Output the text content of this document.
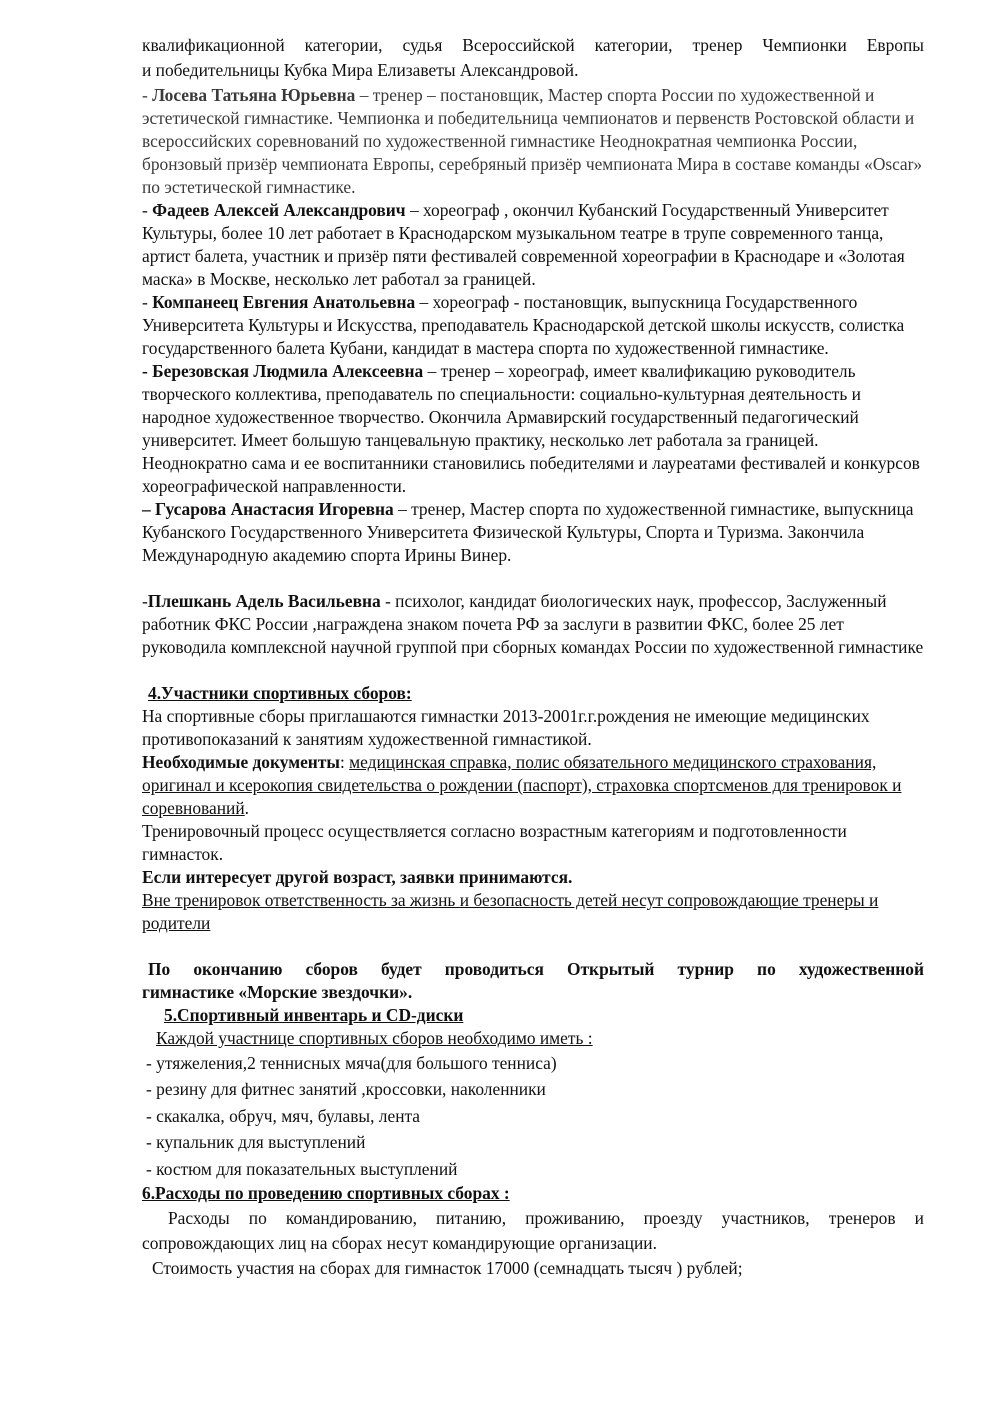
квалификационной категории, судья Всероссийской категории, тренер Чемпионки Европы

и победительницы Кубка Мира Елизаветы Александровой.

- Лосева Татьяна Юрьевна – тренер – постановщик, Мастер спорта России по художественной и эстетической гимнастике. Чемпионка и победительница чемпионатов и первенств Ростовской области и всероссийских соревнований по художественной гимнастике Неоднократная чемпионка России, бронзовый призёр чемпионата Европы, серебряный призёр чемпионата Мира в составе команды «Oscar» по эстетической гимнастике.

- Фадеев Алексей Александрович – хореограф , окончил Кубанский Государственный Университет Культуры, более 10 лет работает в Краснодарском музыкальном театре в трупе современного танца, артист балета, участник и призёр пяти фестивалей современной хореографии в Краснодаре и «Золотая маска» в Москве, несколько лет работал за границей.

- Компанеец Евгения Анатольевна – хореограф - постановщик, выпускница Государственного Университета Культуры и Искусства, преподаватель Краснодарской детской школы искусств, солистка государственного балета Кубани, кандидат в мастера спорта по художественной гимнастике.

- Березовская Людмила Алексеевна – тренер – хореограф, имеет квалификацию руководитель творческого коллектива, преподаватель по специальности: социально-культурная деятельность и народное художественное творчество. Окончила Армавирский государственный педагогический университет. Имеет большую танцевальную практику, несколько лет работала за границей. Неоднократно сама и ее воспитанники становились победителями и лауреатами фестивалей и конкурсов хореографической направленности.

– Гусарова Анастасия Игоревна – тренер, Мастер спорта по художественной гимнастике, выпускница Кубанского Государственного Университета Физической Культуры, Спорта и Туризма. Закончила Международную академию спорта Ирины Винер.

-Плешкань Адель Васильевна - психолог, кандидат биологических наук, профессор, Заслуженный работник ФКС России ,награждена знаком почета РФ за заслуги в развитии ФКС, более 25 лет руководила комплексной научной группой при сборных командах России по художественной гимнастике

4.Участники спортивных сборов:

На спортивные сборы приглашаются гимнастки 2013-2001г.г.рождения не имеющие медицинских противопоказаний к занятиям художественной гимнастикой.

Необходимые документы: медицинская справка, полис обязательного медицинского страхования, оригинал и ксерокопия свидетельства о рождении (паспорт), страховка спортсменов для тренировок и соревнований.

Тренировочный процесс осуществляется согласно возрастным категориям и подготовленности гимнасток.

Если интересует другой возраст, заявки принимаются.

Вне тренировок ответственность за жизнь и безопасность детей несут сопровождающие тренеры и родители

По окончанию сборов будет проводиться Открытый турнир по художественной

гимнастике «Морские звездочки».

5.Спортивный инвентарь и CD-диски

Каждой участнице спортивных сборов необходимо иметь :

- утяжеления,2 теннисных мяча(для большого тенниса)

- резину для фитнес занятий ,кроссовки, наколенники

- скакалка, обруч, мяч, булавы, лента

- купальник для выступлений

- костюм для показательных выступлений

6.Расходы по проведению спортивных сборах :

Расходы по командированию, питанию, проживанию, проезду участников, тренеров и

сопровождающих лиц на сборах несут командирующие организации.

Стоимость участия на сборах для гимнасток 17000 (семнадцать тысяч ) рублей;
